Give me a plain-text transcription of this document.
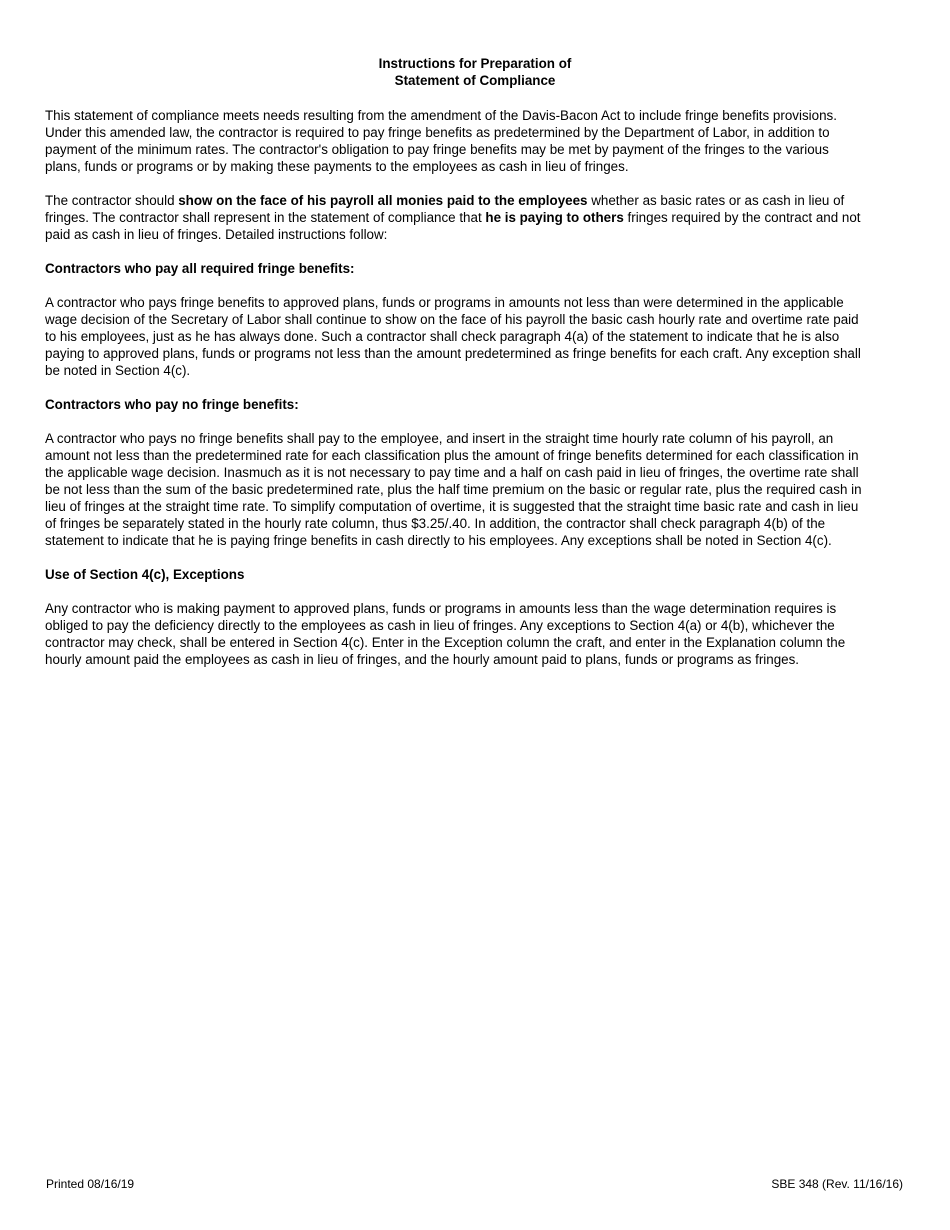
Instructions for Preparation of
Statement of Compliance

This statement of compliance meets needs resulting from the amendment of the Davis-Bacon Act to include fringe benefits provisions.
Under this amended law, the contractor is required to pay fringe benefits as predetermined by the Department of Labor, in addition to
payment of the minimum rates. The contractor's obligation to pay fringe benefits may be met by payment of the fringes to the various
plans, funds or programs or by making these payments to the employees as cash in lieu of fringes.

The contractor should show on the face of his payroll all monies paid to the employees whether as basic rates or as cash in lieu of
fringes. The contractor shall represent in the statement of compliance that he is paying to others fringes required by the contract and not
paid as cash in lieu of fringes. Detailed instructions follow:

Contractors who pay all required fringe benefits:

A contractor who pays fringe benefits to approved plans, funds or programs in amounts not less than were determined in the applicable
wage decision of the Secretary of Labor shall continue to show on the face of his payroll the basic cash hourly rate and overtime rate paid
to his employees, just as he has always done. Such a contractor shall check paragraph 4(a) of the statement to indicate that he is also
paying to approved plans, funds or programs not less than the amount predetermined as fringe benefits for each craft. Any exception shall
be noted in Section 4(c).

Contractors who pay no fringe benefits:

A contractor who pays no fringe benefits shall pay to the employee, and insert in the straight time hourly rate column of his payroll, an
amount not less than the predetermined rate for each classification plus the amount of fringe benefits determined for each classification in
the applicable wage decision. Inasmuch as it is not necessary to pay time and a half on cash paid in lieu of fringes, the overtime rate shall
be not less than the sum of the basic predetermined rate, plus the half time premium on the basic or regular rate, plus the required cash in
lieu of fringes at the straight time rate. To simplify computation of overtime, it is suggested that the straight time basic rate and cash in lieu
of fringes be separately stated in the hourly rate column, thus $3.25/.40. In addition, the contractor shall check paragraph 4(b) of the
statement to indicate that he is paying fringe benefits in cash directly to his employees. Any exceptions shall be noted in Section 4(c).

Use of Section 4(c), Exceptions

Any contractor who is making payment to approved plans, funds or programs in amounts less than the wage determination requires is
obliged to pay the deficiency directly to the employees as cash in lieu of fringes. Any exceptions to Section 4(a) or 4(b), whichever the
contractor may check, shall be entered in Section 4(c). Enter in the Exception column the craft, and enter in the Explanation column the
hourly amount paid the employees as cash in lieu of fringes, and the hourly amount paid to plans, funds or programs as fringes.

Printed 08/16/19	SBE 348 (Rev. 11/16/16)
